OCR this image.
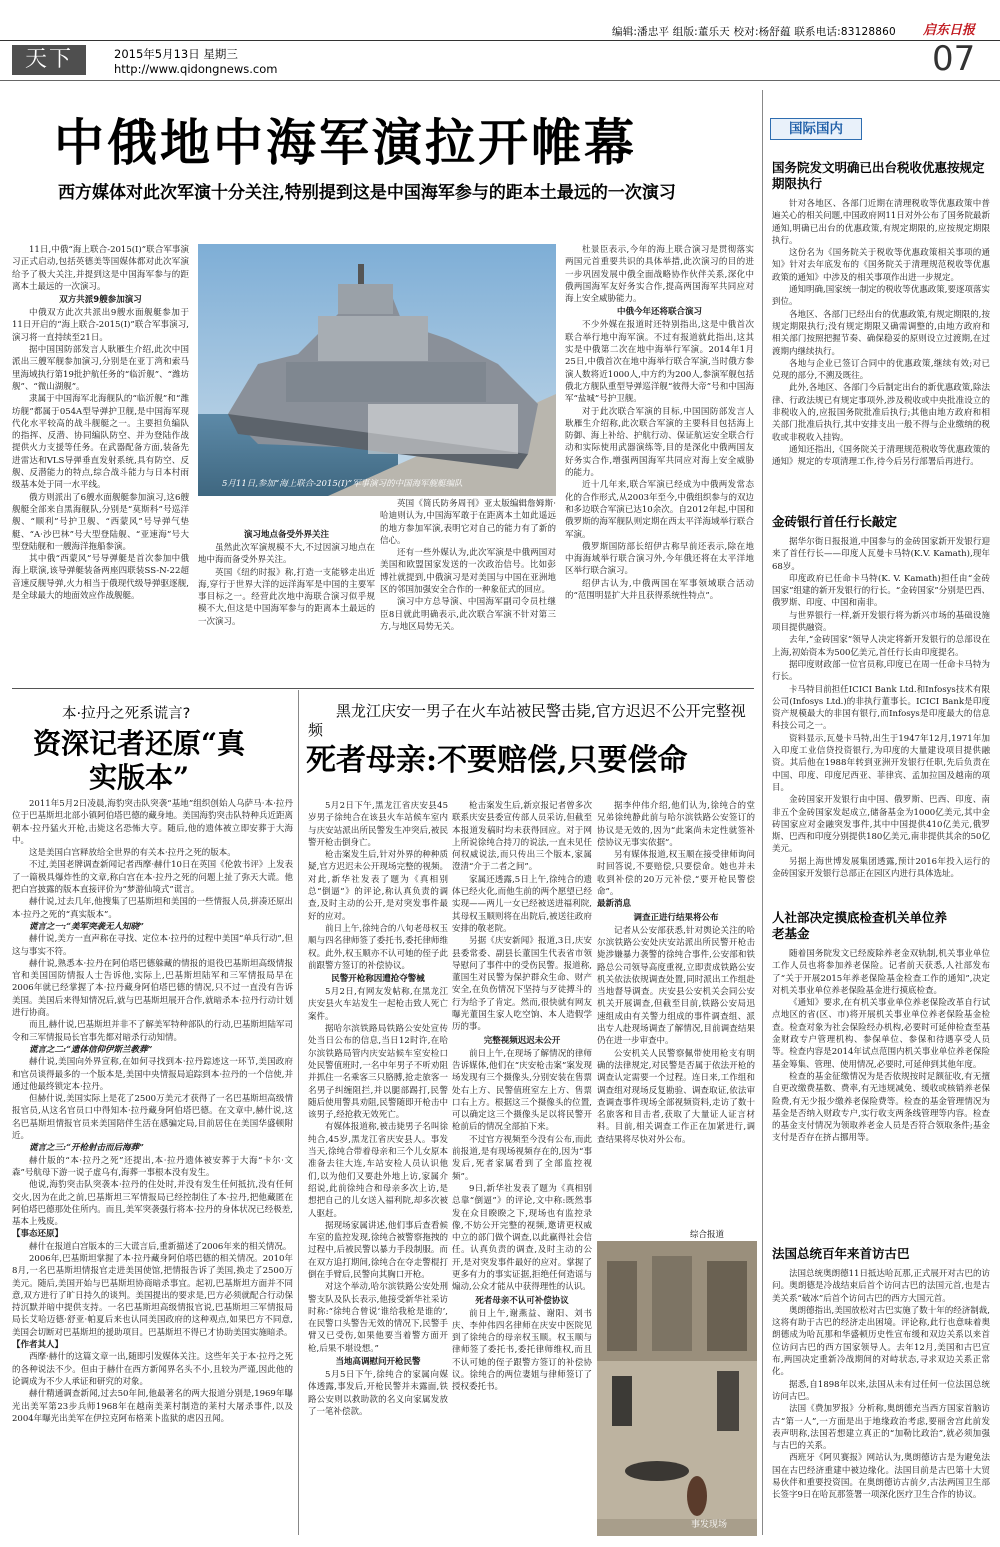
编辑:潘忠平 组版:董乐天 校对:杨舒蕴 联系电话:83128860 启东日报
天下	2015年5月13日 星期三
http://www.qidongnews.com	07
中俄地中海军演拉开帷幕
西方媒体对此次军演十分关注,特别提到这是中国海军参与的距本土最远的一次演习

11日,中俄“海上联合-2015(I)”联合军事演习正式启动,包括英德美等国媒体都对此次军演给予了极大关注,并提到这是中国海军参与的距离本土最远的一次演习。

双方共派9艘参加演习

中俄双方此次共派出9艘水面舰艇参加于11日开启的“海上联合-2015(I)”联合军事演习,演习将一直持续至21日。

据中国国防部发言人耿雁生介绍,此次中国派出三艘军舰参加演习,分别是在亚丁湾和索马里海域执行第19批护航任务的“临沂舰”、“潍坊舰”、“微山湖舰”。

隶属于中国海军北海舰队的“临沂舰”和“潍坊舰”都属于054A型导弹护卫舰,是中国海军现代化水平较高的战斗舰艇之一。主要担负编队的指挥、反潜、协同编队防空、并为登陆作战提供火力支援等任务。在武器配备方面,装备先进雷达和VLS导弹垂直发射系统,具有防空、反舰、反潜能力的特点,综合战斗能力与日本村雨级基本处于同一水平线。

俄方则派出了6艘水面舰艇参加演习,这6艘舰艇全部来自黑海舰队,分别是“莫斯科”号巡洋舰、“顺利”号护卫舰、“西蒙风”号导弹气垫艇、“A·沙巴林”号大型登陆舰、“亚速海”号大型登陆舰和一艘海洋拖船参演。

其中俄“西蒙风”号导弹艇是首次参加中俄海上联演,该导弹艇装备两座四联装SS-N-22超音速反舰导弹,火力相当于俄现代级导弹驱逐舰,是全球最大的地面效应作战舰艇。

5月11日,参加“海上联合-2015(I)”军事演习的中国海军舰艇编队
演习地点备受外界关注

虽然此次军演规模不大,不过因演习地点在地中海而备受外界关注。

英国《纽约时报》称,打造一支能够走出近海,穿行于世界大洋的远洋海军是中国的主要军事目标之一。经营此次地中海联合演习似乎规模不大,但这是中国海军参与的距离本土最远的一次演习。

英国《简氏防务周刊》亚太版编辑詹姆斯·哈迪则认为,中国海军敢于在距离本土如此遥远的地方参加军演,表明它对自己的能力有了新的信心。

还有一些外媒认为,此次军演是中俄两国对美国和欧盟国家发送的一次政治信号。比如彭博社就提到,中俄演习是对美国与中国在亚洲地区的邻国加强安全合作的一种象征式的回应。

演习中方总导演、中国海军副司令员杜继臣8日就此明确表示,此次联合军演不针对第三方,与地区局势无关。

杜景臣表示,今年的海上联合演习是贯彻落实两国元首重要共识的具体举措,此次演习的目的进一步巩固发展中俄全面战略协作伙伴关系,深化中俄两国海军友好务实合作,提高两国海军共同应对海上安全威胁能力。

中俄今年还将联合演习

不少外媒在报道时还特别指出,这是中俄首次联合举行地中海军演。不过有报道就此指出,这其实是中俄第二次在地中海举行军演。2014年1月25日,中俄首次在地中海举行联合军演,当时俄方参演人数将近1000人,中方约为200人,参演军舰包括俄北方舰队重型导弹巡洋舰“彼得大帝”号和中国海军“盐城”号护卫舰。

对于此次联合军演的目标,中国国防部发言人耿雁生介绍称,此次联合军演的主要科目包括海上防御、海上补给、护航行动、保证航运安全联合行动和实际使用武器演练等,目的是深化中俄两国友好务实合作,增强两国海军共同应对海上安全威胁的能力。

近十几年来,联合军演已经成为中俄两发常态化的合作形式,从2003年至今,中俄组织参与的双边和多边联合军演已达10余次。自2012年起,中国和俄罗斯的海军舰队则定期在西太平洋海域举行联合军演。

俄罗斯国防部长绍伊古称早前还表示,除在地中海海域举行联合演习外,今年俄还将在太平洋地区举行联合演习。

绍伊古认为,中俄两国在军事领域联合活动的“范围明显扩大并且获得系统性特点”。

本·拉丹之死系谎言?
资深记者还原“真实版本”

2011年5月2日凌晨,海豹突击队突袭“基地”组织创始人乌萨马·本·拉丹位于巴基斯坦北部小镇阿伯塔巴德的藏身地。美国海豹突击队特种兵近距离朝本·拉丹猛火开枪,击毙这名恐怖大亨。随后,他的遗体被立即安葬于大海中。

这是美国白宫释放给全世界的有关本·拉丹之死的版本。

不过,美国老牌调查新闻记者西摩·赫什10日在英国《伦敦书评》上发表了一篇极具爆炸性的文章,称白宫在本·拉丹之死的问题上扯了弥天大谎。他把白宫披露的版本直接评价为“梦游仙境式”谎言。

赫什说,过去几年,他搜集了巴基斯坦和美国的一些情报人员,拼凑还原出本·拉丹之死的“真实版本”。

谎言之一:“美军突袭无人知晓”

赫什说,美方一直声称在寻找、定位本·拉丹的过程中美国“单兵行动”,但这与事实不符。

赫什说,熟悉本·拉丹在阿伯塔巴德躲藏的情报的退役巴基斯坦高级情报官和美国国防情报人士告诉他,实际上,巴基斯坦陆军和三军情报局早在2006年就已经掌握了本·拉丹藏身阿伯塔巴德的情况,只不过一直没有告诉美国。美国后来得知情况后,就与巴基斯坦展开合作,就暗杀本·拉丹行动计划进行协商。

而且,赫什说,巴基斯坦并非不了解美军特种部队的行动,巴基斯坦陆军司令和三军情报局长官事先都对暗杀行动知情。

谎言之二:“遗体信仰伊斯兰教葬”

赫什说,美国向外界宣称,在如何寻找到本·拉丹踪迹这一环节,美国政府和官员谈得最多的一个版本是,美国中央情报局追踪到本·拉丹的一个信使,并通过他最终锁定本·拉丹。

但赫什说,美国实际上是花了2500万美元才获得了一名巴基斯坦高级情报官员,从这名官员口中得知本·拉丹藏身阿伯塔巴德。在文章中,赫什说,这名巴基斯坦情报官员来美国陪伴生活在感骗定局,目前居住在美国华盛顿附近。

谎言之三:“开枪射击而后海葬”

赫什版的“本·拉丹之死”还提出,本·拉丹遗体被安葬于大海“卡尔·文森”号航母下游一说子虚乌有,海葬一事根本没有发生。

他说,海豹突击队突袭本·拉丹的住处时,并没有发生任何抵抗,没有任何交火,因为在此之前,巴基斯坦三军情报局已经控制住了本·拉丹,把他藏匿在阿伯塔巴德那处住所内。而且,美军突袭强行将本·拉丹的身体状况已经极差,基本上残废。

【事态还原】

赫什在报道白宫版本的三大谎言后,重新描述了2006年来的相关情况。

2006年,巴基斯坦掌握了本·拉丹藏身阿伯塔巴德的相关情况。2010年8月,一名巴基斯坦情报官走进美国使馆,把情报告诉了美国,换走了2500万美元。随后,美国开始与巴基斯坦协商暗杀事宜。起初,巴基斯坦方面并不同意,双方进行了旷日持久的谈判。美国提出的要求是,巴方必须就配合行动保持沉默并暗中提供支持。一名巴基斯坦高级情报官说,巴基斯坦三军情报局局长艾哈迈德·舒亚·帕夏后来也认同美国政府的这种观点,如果巴方不同意,美国会切断对巴基斯坦的援助项目。巴基斯坦不得已才协助美国实施暗杀。

【作者其人】

西摩·赫什的这篇文章一出,随即引发媒体关注。这些年关于本·拉丹之死的各种说法不少。但由于赫什在西方新闻界名头不小,且较为严谨,因此他的论调成为不少人承证和研究的对象。

赫什精通调查新闻,过去50年间,他最著名的两大报道分别是,1969年曝光出美军第23步兵师1968年在越南美莱村制造的莱村大屠杀事件,以及2004年曝光出美军在伊拉克阿布格莱卜监狱的虐囚丑闻。

黑龙江庆安一男子在火车站被民警击毙,官方迟迟不公开完整视频
死者母亲:不要赔偿,只要偿命

5月2日下午,黑龙江省庆安县45岁男子徐纯合在该县火车站候车室内与庆安站派出所民警发生冲突后,被民警开枪击倒身亡。

枪击案发生后,针对外界的种种质疑,官方迟迟未公开现场完整的视频。对此,新华社发表了题为《真相别总“倒逼”》的评论,称认真负责的调查,及时主动的公开,是对突发事件最好的应对。

前日上午,徐纯合的八旬老母权玉顺与四名律师签了委托书,委托律师维权。此外,权玉顺亦不认可她的侄子此前跟警方签订的补偿协议。

民警开枪称因遭抢夺警械

5月2日,有网友发帖称,在黑龙江庆安县火车站发生一起枪击致人死亡案件。

据哈尔滨铁路局铁路公安处宣传处当日公布的信息,当日12时许,在哈尔滨铁路局管内庆安站候车室安检口处民警值班时,一名中年男子不听劝阻并抓住一名乘客三只胳膊,抢走旅客一名男子纠缠阻拦,并以腿部踢打,民警随后使用警具劝阻,民警随即开枪击中该男子,经抢救无效死亡。

有媒体报道称,被击毙男子名叫徐纯合,45岁,黑龙江省庆安县人。事发当天,徐纯合带着母亲和三个儿女原本准备去往大连,车站安检人员认识他们,以为他们又要赴外地上访,家属介绍说,此前徐纯合和母亲多次上访,是想把自己的儿女送入福利院,却多次被人驱赶。

据现场家属讲述,他们事后查看候车室的监控发现,徐纯合被警察拖拽的过程中,后被民警以暴力手段制服。而在双方追打期间,徐纯合在夺走警棍打倒在手臂后,民警向其胸口开枪。

对这个举动,哈尔滨铁路公安处刑警支队及队长表示,他接受新华社采访时称:“徐纯合曾说‘谁给我枪是谁的’,在民警口头警告无效的情况下,民警手臂又已受伤,如果他要当着警方面开枪,后果不堪设想。”

当地高调慰问开枪民警

5月5日下午,徐纯合的家属向媒体透露,事发后,开枪民警并未露面,铁路公安则以救助款的名义向家属发放了一笔补偿款。

枪击案发生后,新京报记者曾多次联系庆安县委宣传部人员采访,但截至本报道发稿时均未获得回应。对于网上所说徐纯合持刀的说法,一直未见任何权威说法,而只传出三个版本,家属澄清“介于二者之间”。

家属还透露,5日上午,徐纯合的遗体已经火化,而他生前的两个愿望已经实现——两儿一女已经被送进福利院,其母权玉顺则将在出院后,被送往政府安排的敬老院。

另据《庆安新闻》报道,3日,庆安县委常委、副县长董国生代表省市领导慰问了事件中的受伤民警。报道称,董国生对民警为保护群众生命、财产安全,在负伤情况下坚持与歹徒搏斗的行为给予了肯定。然而,很快就有网友曝光董国生家人吃空饷、本人造假学历的事。

完整视频迟迟未公开

前日上午,在现场了解情况的律师告诉媒体,他们在“庆安枪击案”案发现场发现有三个摄像头,分别安装在售票处右上方、民警值班室左上方、售票口右上方。根据这三个摄像头的位置,可以确定这三个摄像头足以将民警开枪前后的情况全部拍下来。

不过官方视频至今没有公布,而此前报道,是有现场视频存在的,因为“事发后,死者家属看到了全部监控视频”。

9日,新华社发表了题为《真相别总靠“倒逼”》的评论,文中称:既然事发在众目睽睽之下,现场也有监控录像,不妨公开完整的视频,邀请更权威中立的部门做个调查,以此赢得社会信任。认真负责的调查,及时主动的公开,是对突发事件最好的应对。掌握了更多有力的事实证据,拒绝任何造谣与煽动,公众才能从中获得理性的认识。

死者母亲不认可补偿协议

前日上午,谢燕益、谢阳、刘书庆、李仲伟四名律师在庆安中医院见到了徐纯合的母亲权玉顺。权玉顺与律师签了委托书,委托律师维权,而且不认可她的侄子跟警方签订的补偿协议。徐纯合的两位妻姐与律师签订了授权委托书。

据李仲伟介绍,他们认为,徐纯合的堂兄弟徐纯静此前与哈尔滨铁路公安签订的协议是无效的,因为“此案尚未定性就签补偿协议无事实依据”。

另有媒体报道,权玉顺在接受律师询问时回答说,不要赔偿,只要偿命。她也并未收到补偿的20万元补偿,“要开枪民警偿命”。

最新消息

调查正进行结果将公布

记者从公安部获悉,针对舆论关注的哈尔滨铁路公安处庆安站派出所民警开枪击毙涉嫌暴力袭警的徐纯合事件,公安部和铁路总公司领导高度重视,立即责成铁路公安机关依法依规调查处置,同时派出工作组赴当地督导调查。庆安县公安机关会同公安机关开展调查,但截至目前,铁路公安局迅速组成由有关警力组成的事件调查组、派出专人赴现场调查了解情况,目前调查结果仍在进一步审查中。

公安机关人民警察佩带使用枪支有明确的法律规定,对民警是否属于依法开枪的调查认定需要一个过程。连日来,工作组和调查组对现场反复勘验、调查取证,依法审查调查事件现场全部视频资料,走访了数十名旅客和目击者,获取了大量证人证言材料。目前,相关调查工作正在加紧进行,调查结果将尽快对外公布。

综合报道
事发现场
国际国内
国务院发文明确已出台税收优惠按规定期限执行

针对各地区、各部门近期在清理税收等优惠政策中普遍关心的相关问题,中国政府网11日对外公布了国务院最新通知,明确已出台的优惠政策,有规定期限的,应按规定期限执行。

这份名为《国务院关于税收等优惠政策相关事项的通知》针对去年底发布的《国务院关于清理规范税收等优惠政策的通知》中涉及的相关事项作出进一步规定。

通知明确,国家统一制定的税收等优惠政策,要逐项落实到位。

各地区、各部门已经出台的优惠政策,有规定期限的,按规定期限执行;没有规定期限又确需调整的,由地方政府和相关部门按照把握节奏、确保稳妥的原则设立过渡期,在过渡期内继续执行。

各地与企业已签订合同中的优惠政策,继续有效;对已兑现的部分,不溯及既往。

此外,各地区、各部门今后制定出台的新优惠政策,除法律、行政法规已有规定事项外,涉及税收或中央批准设立的非税收入的,应报国务院批准后执行;其他由地方政府和相关部门批准后执行,其中安排支出一般不得与企业缴纳的税收或非税收入挂钩。

通知还指出,《国务院关于清理规范税收等优惠政策的通知》规定的专项清理工作,待今后另行部署后再进行。

金砖银行首任行长敲定

据华尔街日报报道,中国参与的金砖国家新开发银行迎来了首任行长——印度人瓦曼卡马特(K.V. Kamath),现年68岁。

印度政府已任命卡马特(K. V. Kamath)担任由“金砖国家”组建的新开发银行的行长。“金砖国家”分别是巴西、俄罗斯、印度、中国和南非。

与世界银行一样,新开发银行将为新兴市场的基础设施项目提供融资。

去年,“金砖国家”领导人决定将新开发银行的总部设在上海,初始资本为500亿美元,首任行长由印度提名。

据印度财政部一位官员称,印度已在周一任命卡马特为行长。

卡马特目前担任ICICI Bank Ltd.和Infosys技术有限公司(Infosys Ltd.)的非执行董事长。ICICI Bank是印度资产规模最大的非国有银行,而Infosys是印度最大的信息科技公司之一。

资料显示,瓦曼卡马特,出生于1947年12月,1971年加入印度工业信贷投资银行,为印度的大量建设项目提供融资。其后他在1988年转到亚洲开发银行任职,先后负责在中国、印度、印度尼西亚、菲律宾、孟加拉国及越南的项目。

金砖国家开发银行由中国、俄罗斯、巴西、印度、南非五个金砖国家发起成立,储备基金为1000亿美元,其中金砖国家应对金融突发事件,其中中国提供410亿美元,俄罗斯、巴西和印度分别提供180亿美元,南非提供其余的50亿美元。

另据上海世博发展集团透露,预计2016年投入运行的金砖国家开发银行总部正在园区内进行具体选址。

人社部决定摸底检查机关单位养老基金

随着国务院发文已经废除养老金双轨制,机关事业单位工作人员也将参加养老保险。记者前天获悉,人社部发布了“关于开展2015年养老保险基金检查工作的通知”,决定对机关事业单位养老保险基金进行摸底检查。

《通知》要求,在有机关事业单位养老保险改革自行试点地区的省(区、市)将开展机关事业单位养老保险基金检查。检查对象为社会保险经办机构,必要时可延伸检查至基金财政专户管理机构、参保单位、参保和待遇享受人员等。检查内容是2014年试点范围内机关事业单位养老保险基金筹集、管理、使用情况,必要时,可延伸到其他年度。

检查的基金征缴情况为是否依规按时足额征收,有无擅自更改缴费基数、费率,有无违规减免、缓收或核销养老保险费,有无少报少缴养老保险费等。检查的基金管理情况为基金是否纳入财政专户,实行收支两条线管理等内容。检查的基金支付情况为领取养老金人员是否符合领取条件;基金支付是否存在挤占挪用等。

法国总统百年来首访古巴

法国总统奥朗德11日抵达哈瓦那,正式展开对古巴的访问。奥朗德是冷战结束后首个访问古巴的法国元首,也是古美关系“破冰”后首个访问古巴的西方大国元首。

奥朗德指出,美国放松对古巴实施了数十年的经济制裁,这将有助于古巴的经济走出困境。评论称,此行也意味着奥朗德成为哈瓦那和华盛顿历史性宣布缓和双边关系以来首位访问古巴的西方国家领导人。去年12月,美国和古巴宣布,两国决定重新冷战期间的对峙状态,寻求双边关系正常化。

据悉,自1898年以来,法国从未有过任何一位法国总统访问古巴。

法国《费加罗报》分析称,奥朗德充当西方国家首脑访古“第一人”,一方面是出于地缘政治考虑,要丽舍宫此前发表声明称,法国若想建立真正的“加勒比政治”,就必须加强与古巴的关系。

西班牙《阿贝赛报》网站认为,奥朗德访古是为避免法国在古巴经济重建中被边缘化。法国目前是古巴第十大贸易伙伴和重要投资国。在奥朗德访古前夕,古法两国卫生部长签字9日在哈瓦那签署一项深化医疗卫生合作的协议。
